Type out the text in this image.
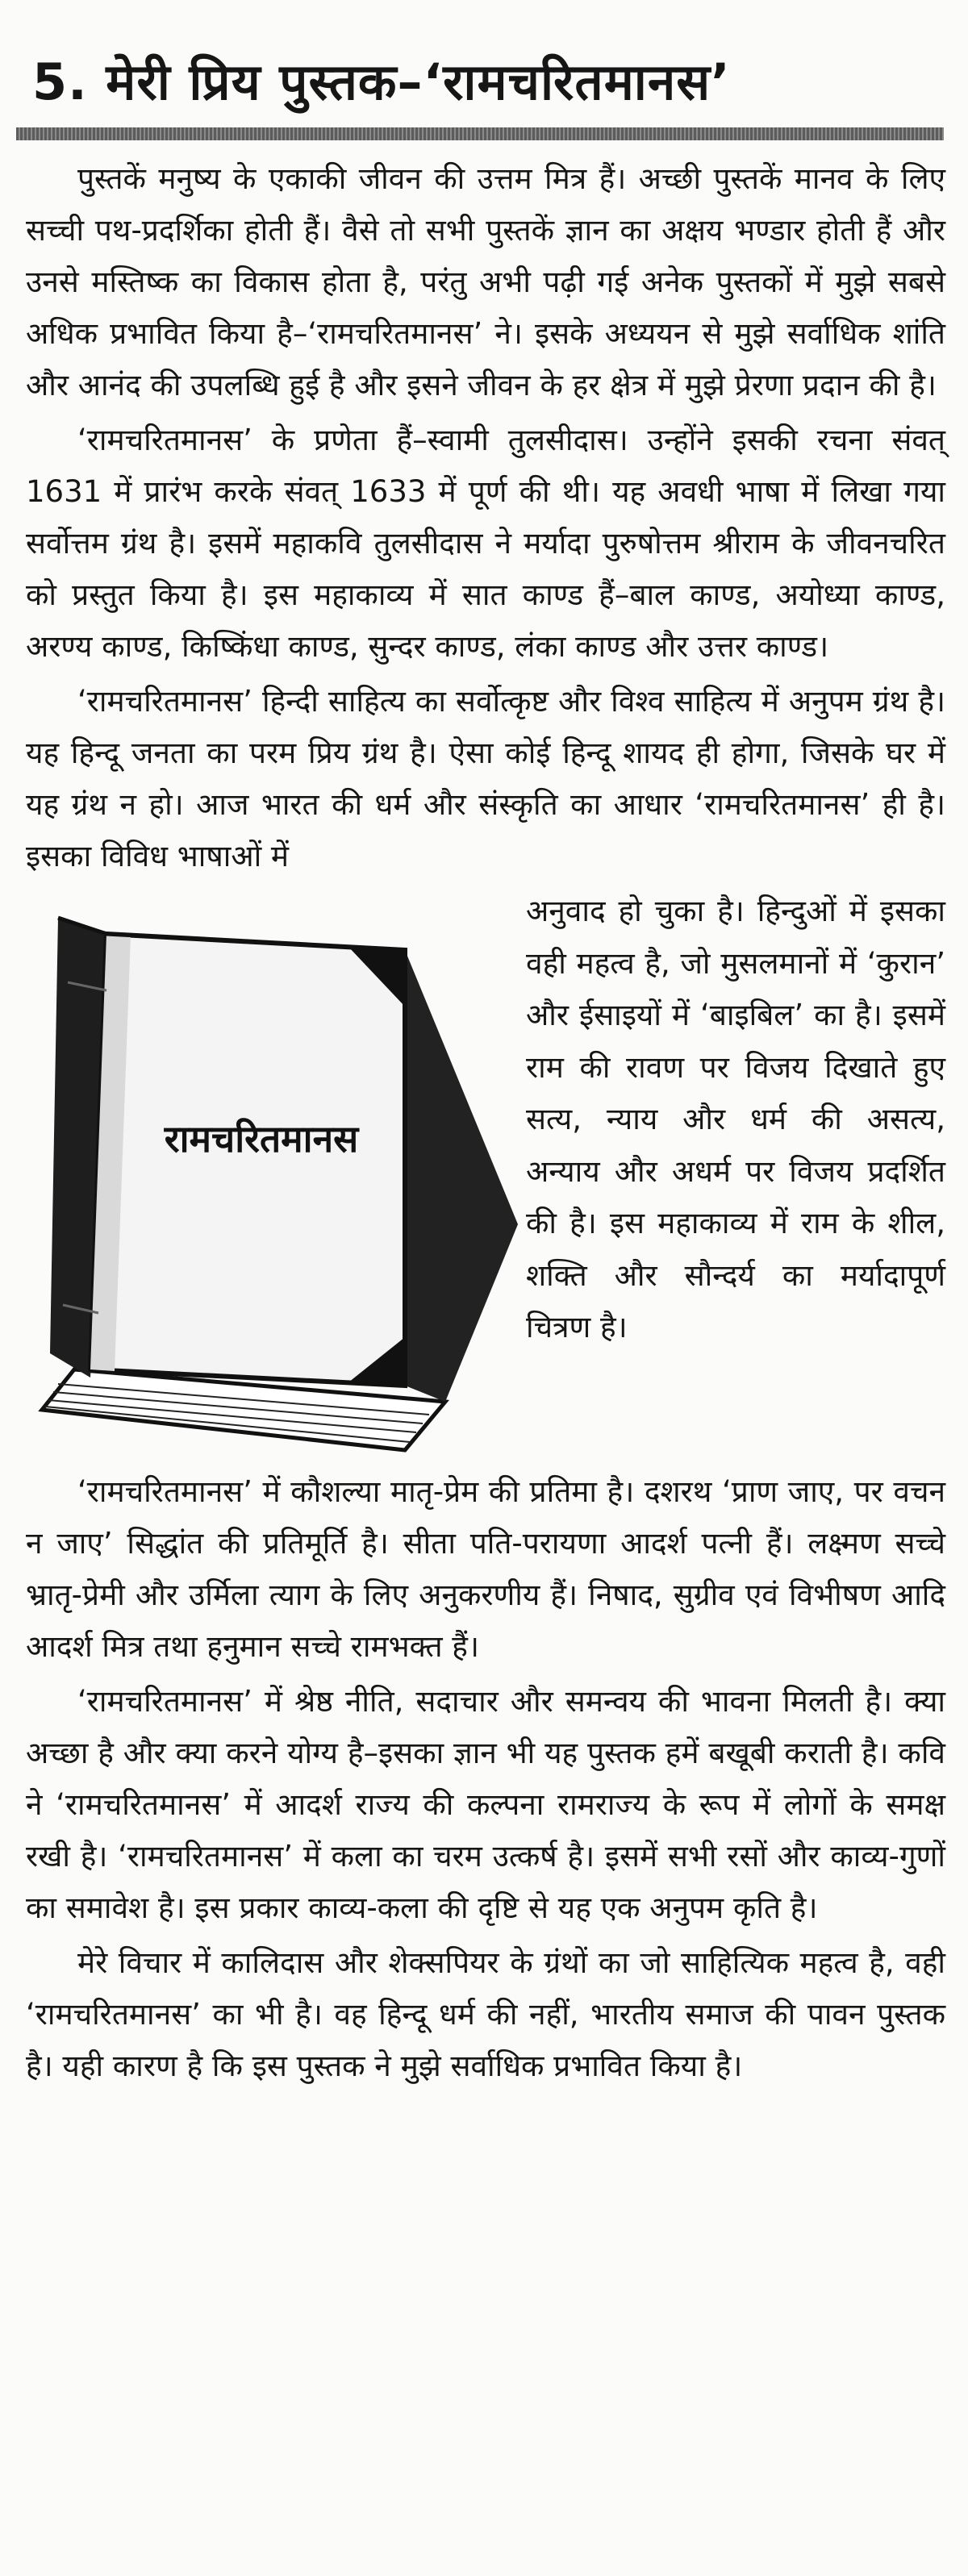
5. मेरी प्रिय पुस्तक–‘रामचरितमानस’

पुस्तकें मनुष्य के एकाकी जीवन की उत्तम मित्र हैं। अच्छी पुस्तकें मानव के लिए सच्ची पथ-प्रदर्शिका होती हैं। वैसे तो सभी पुस्तकें ज्ञान का अक्षय भण्डार होती हैं और उनसे मस्तिष्क का विकास होता है, परंतु अभी पढ़ी गई अनेक पुस्तकों में मुझे सबसे अधिक प्रभावित किया है–‘रामचरितमानस’ ने। इसके अध्ययन से मुझे सर्वाधिक शांति और आनंद की उपलब्धि हुई है और इसने जीवन के हर क्षेत्र में मुझे प्रेरणा प्रदान की है।

‘रामचरितमानस’ के प्रणेता हैं–स्वामी तुलसीदास। उन्होंने इसकी रचना संवत् 1631 में प्रारंभ करके संवत् 1633 में पूर्ण की थी। यह अवधी भाषा में लिखा गया सर्वोत्तम ग्रंथ है। इसमें महाकवि तुलसीदास ने मर्यादा पुरुषोत्तम श्रीराम के जीवनचरित को प्रस्तुत किया है। इस महाकाव्य में सात काण्ड हैं–बाल काण्ड, अयोध्या काण्ड, अरण्य काण्ड, किष्किंधा काण्ड, सुन्दर काण्ड, लंका काण्ड और उत्तर काण्ड।

‘रामचरितमानस’ हिन्दी साहित्य का सर्वोत्कृष्ट और विश्व साहित्य में अनुपम ग्रंथ है। यह हिन्दू जनता का परम प्रिय ग्रंथ है। ऐसा कोई हिन्दू शायद ही होगा, जिसके घर में यह ग्रंथ न हो। आज भारत की धर्म और संस्कृति का आधार ‘रामचरितमानस’ ही है। इसका विविध भाषाओं में

रामचरितमानस

अनुवाद हो चुका है। हिन्दुओं में इसका वही महत्व है, जो मुसलमानों में ‘कुरान’ और ईसाइयों में ‘बाइबिल’ का है। इसमें राम की रावण पर विजय दिखाते हुए सत्य, न्याय और धर्म की असत्य, अन्याय और अधर्म पर विजय प्रदर्शित की है। इस महाकाव्य में राम के शील, शक्ति और सौन्दर्य का मर्यादापूर्ण चित्रण है।

‘रामचरितमानस’ में कौशल्या मातृ-प्रेम की प्रतिमा है। दशरथ ‘प्राण जाए, पर वचन न जाए’ सिद्धांत की प्रतिमूर्ति है। सीता पति-परायणा आदर्श पत्नी हैं। लक्ष्मण सच्चे भ्रातृ-प्रेमी और उर्मिला त्याग के लिए अनुकरणीय हैं। निषाद, सुग्रीव एवं विभीषण आदि आदर्श मित्र तथा हनुमान सच्चे रामभक्त हैं।

‘रामचरितमानस’ में श्रेष्ठ नीति, सदाचार और समन्वय की भावना मिलती है। क्या अच्छा है और क्या करने योग्य है–इसका ज्ञान भी यह पुस्तक हमें बखूबी कराती है। कवि ने ‘रामचरितमानस’ में आदर्श राज्य की कल्पना रामराज्य के रूप में लोगों के समक्ष रखी है। ‘रामचरितमानस’ में कला का चरम उत्कर्ष है। इसमें सभी रसों और काव्य-गुणों का समावेश है। इस प्रकार काव्य-कला की दृष्टि से यह एक अनुपम कृति है।

मेरे विचार में कालिदास और शेक्सपियर के ग्रंथों का जो साहित्यिक महत्व है, वही ‘रामचरितमानस’ का भी है। वह हिन्दू धर्म की नहीं, भारतीय समाज की पावन पुस्तक है। यही कारण है कि इस पुस्तक ने मुझे सर्वाधिक प्रभावित किया है।
